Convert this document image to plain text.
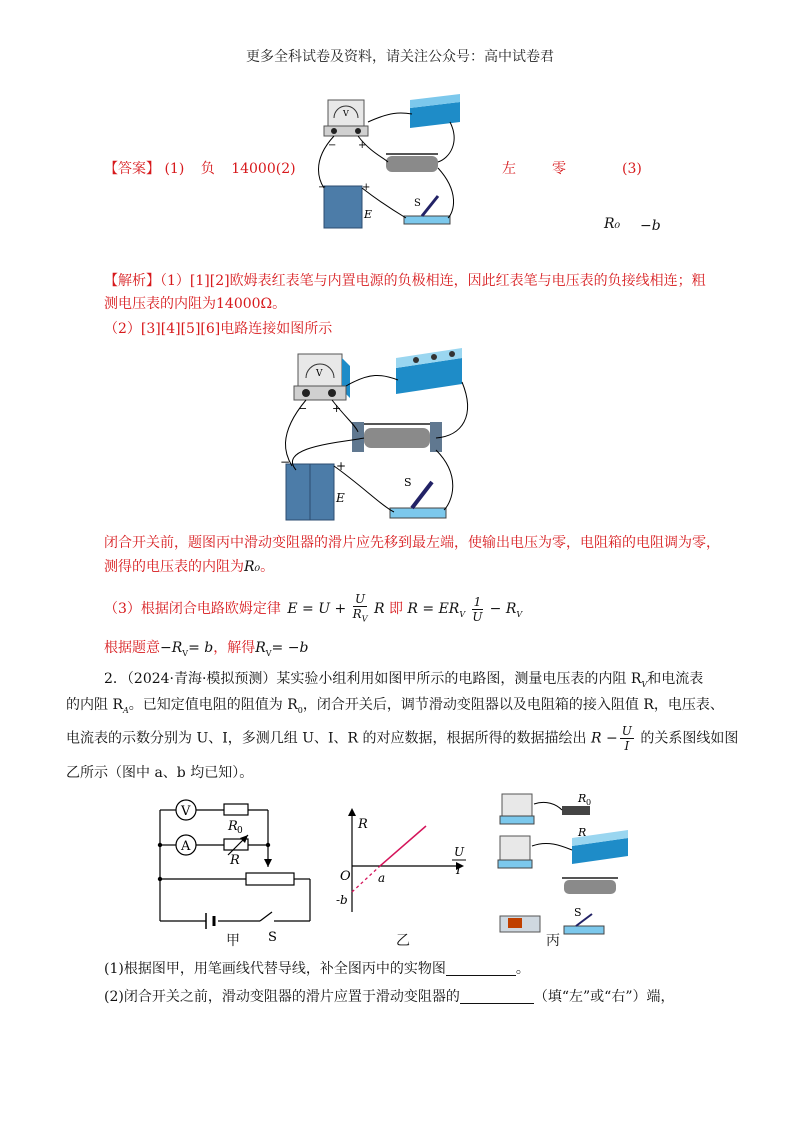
更多全科试卷及资料，请关注公众号：高中试卷君
V
− +
−	+
E
S
【答案】 (1) 负 14000(2)	左	零	(3)
R₀ −b
【解析】（1）[1][2]欧姆表红表笔与内置电源的负极相连，因此红表笔与电压表的负接线相连；粗
测电压表的内阻为14000Ω。
（2）[3][4][5][6]电路连接如图所示
V
− +
−	+
E
S
闭合开关前，题图丙中滑动变阻器的滑片应先移到最左端，使输出电压为零，电阻箱的电阻调为零，
测得的电压表的内阻为R₀。
（3）根据闭合电路欧姆定律 $E = U + \frac{U}{R_V}$ R 即 $R = ER_V \frac{1}{U} - R_V$
根据题意$-R_V= b$，解得$R_V= -b$
2．（2024·青海·模拟预测）某实验小组利用如图甲所示的电路图，测量电压表的内阻 $R_V$和电流表
的内阻 $R_A$。已知定值电阻的阻值为 $R_0$，闭合开关后，调节滑动变阻器以及电阻箱的接入阻值 R，电压表、
电流表的示数分别为 U、I，多测几组 U、I、R 的对应数据，根据所得的数据描绘出 $R - \frac{U}{I}$ 的关系图线如图
乙所示（图中 a、b 均已知）。
V
A
R 0
R
S
甲
R
O a
-b
U
I
乙
R 0
R
S
丙
(1)根据图甲，用笔画线代替导线，补全图丙中的实物图	。
(2)闭合开关之前，滑动变阻器的滑片应置于滑动变阻器的	（填“左”或“右”）端，
